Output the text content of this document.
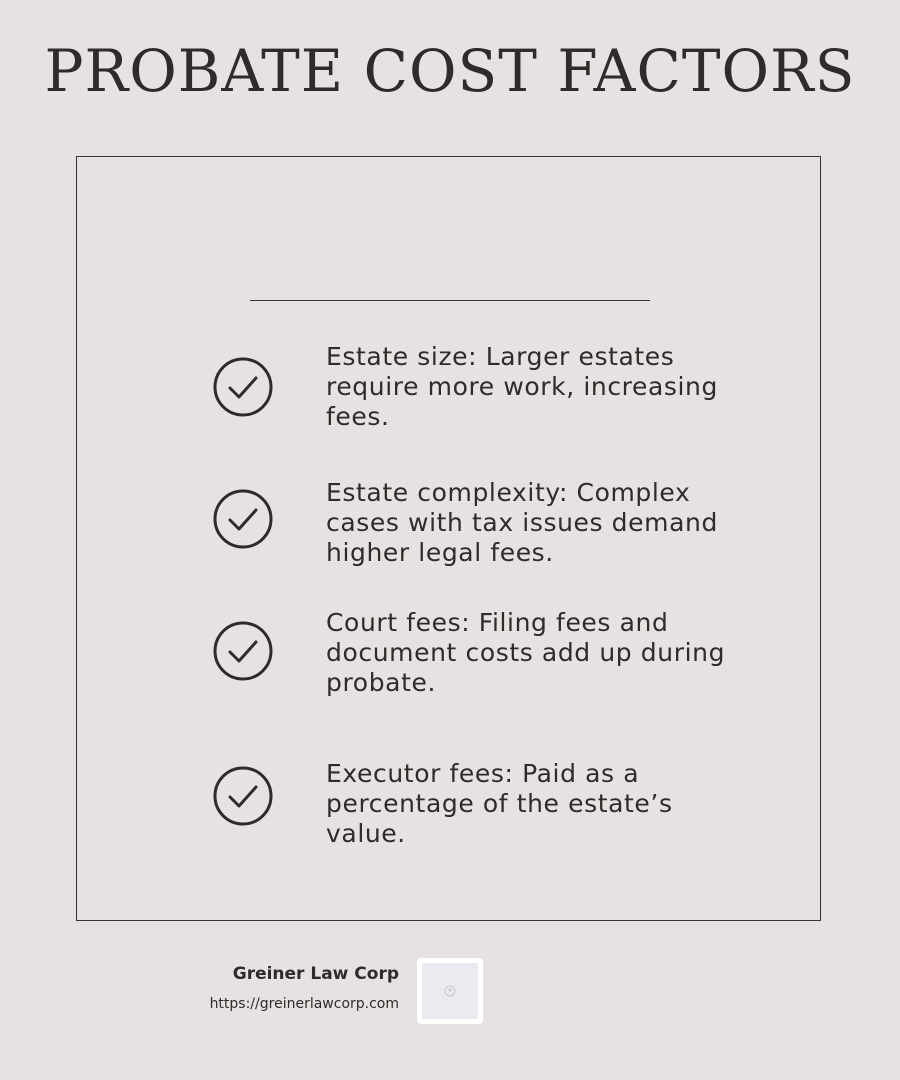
PROBATE COST FACTORS
Estate size: Larger estates require more work, increasing fees.
Estate complexity: Complex cases with tax issues demand higher legal fees.
Court fees: Filing fees and document costs add up during probate.
Executor fees: Paid as a percentage of the estate’s value.
Greiner Law Corp
https://greinerlawcorp.com
